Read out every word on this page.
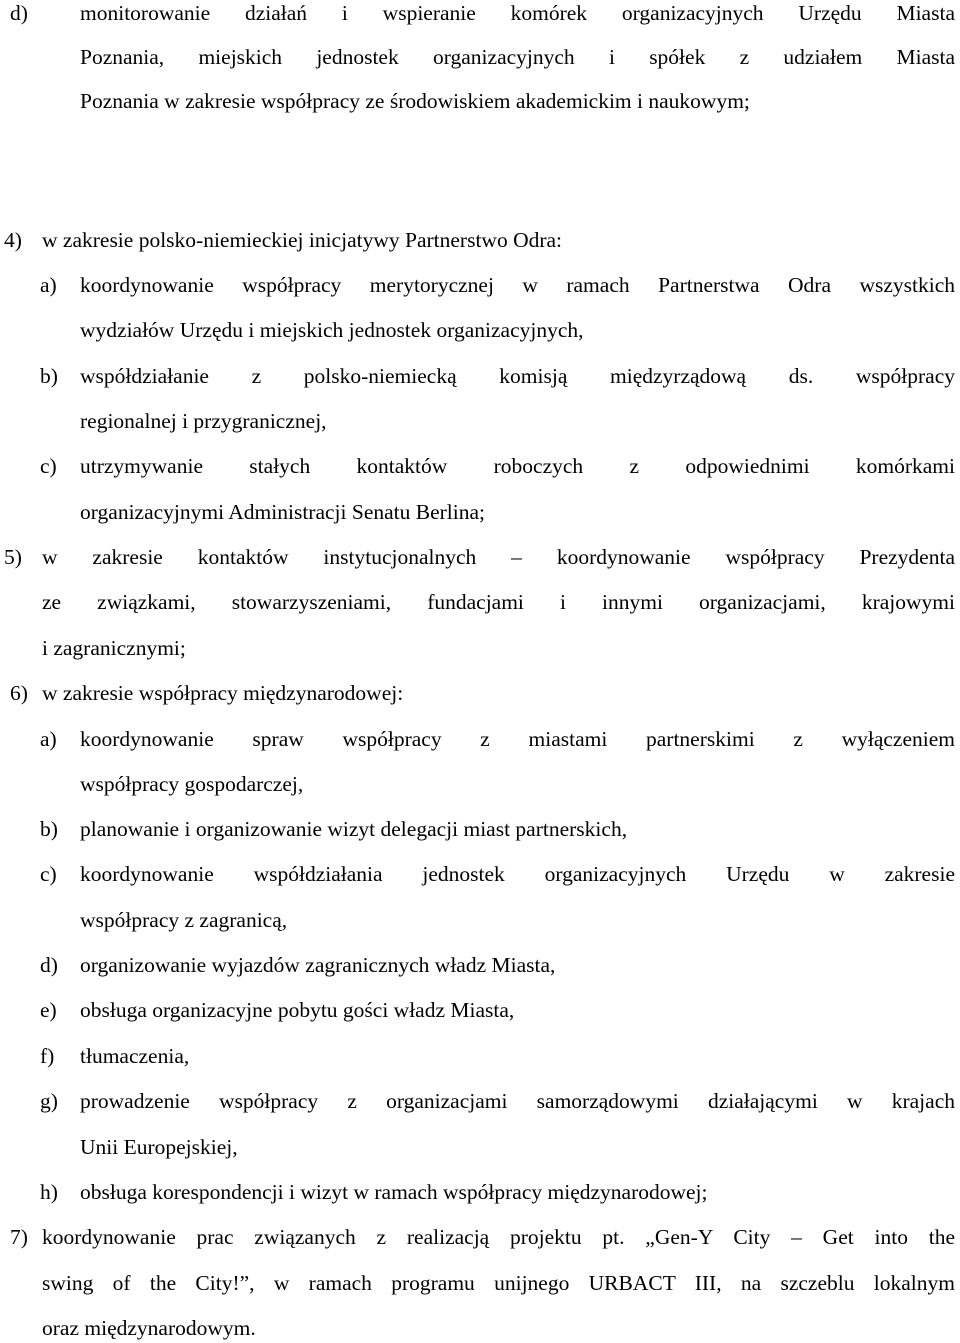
d) monitorowanie działań i wspieranie komórek organizacyjnych Urzędu Miasta
Poznania, miejskich jednostek organizacyjnych i spółek z udziałem Miasta
Poznania w zakresie współpracy ze środowiskiem akademickim i naukowym;
4) w zakresie polsko-niemieckiej inicjatywy Partnerstwo Odra:
a) koordynowanie współpracy merytorycznej w ramach Partnerstwa Odra wszystkich
wydziałów Urzędu i miejskich jednostek organizacyjnych,
b) współdziałanie z polsko-niemiecką komisją międzyrządową ds. współpracy
regionalnej i przygranicznej,
c) utrzymywanie stałych kontaktów roboczych z odpowiednimi komórkami
organizacyjnymi Administracji Senatu Berlina;
5) w zakresie kontaktów instytucjonalnych – koordynowanie współpracy Prezydenta
ze związkami, stowarzyszeniami, fundacjami i innymi organizacjami, krajowymi
i zagranicznymi;
6) w zakresie współpracy międzynarodowej:
a) koordynowanie spraw współpracy z miastami partnerskimi z wyłączeniem
współpracy gospodarczej,
b) planowanie i organizowanie wizyt delegacji miast partnerskich,
c) koordynowanie współdziałania jednostek organizacyjnych Urzędu w zakresie
współpracy z zagranicą,
d) organizowanie wyjazdów zagranicznych władz Miasta,
e) obsługa organizacyjne pobytu gości władz Miasta,
f) tłumaczenia,
g) prowadzenie współpracy z organizacjami samorządowymi działającymi w krajach
Unii Europejskiej,
h) obsługa korespondencji i wizyt w ramach współpracy międzynarodowej;
7) koordynowanie prac związanych z realizacją projektu pt. „Gen-Y City – Get into the
swing of the City!”, w ramach programu unijnego URBACT III, na szczeblu lokalnym
oraz międzynarodowym.
